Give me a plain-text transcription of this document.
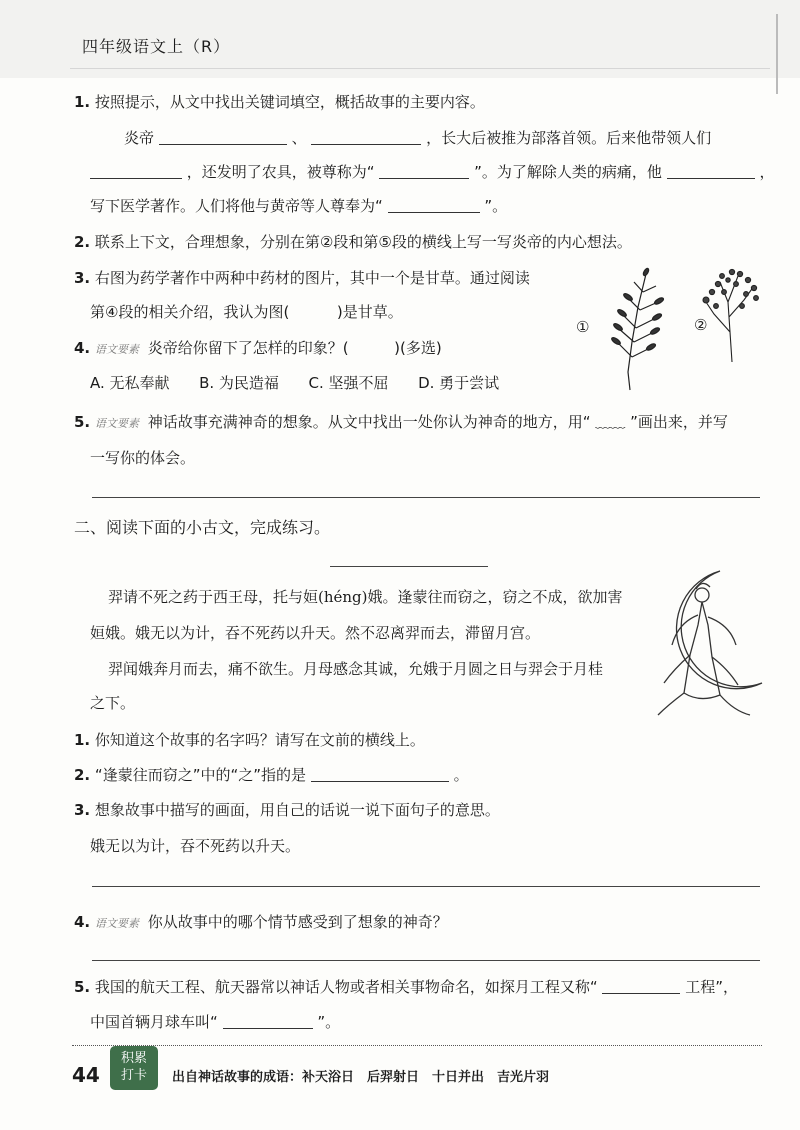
四年级语文上（R）
1. 按照提示，从文中找出关键词填空，概括故事的主要内容。
炎帝	、	，长大后被推为部落首领。后来他带领人们
，还发明了农具，被尊称为“	”。为了解除人类的病痛，他	，
写下医学著作。人们将他与黄帝等人尊奉为“	”。
2. 联系上下文，合理想象，分别在第②段和第⑤段的横线上写一写炎帝的内心想法。
3. 右图为药学著作中两种中药材的图片，其中一个是甘草。通过阅读
第④段的相关介绍，我认为图(	)是甘草。
①	②
4. 语文要素 炎帝给你留下了怎样的印象？(	)(多选)
A. 无私奉献 B. 为民造福 C. 坚强不屈 D. 勇于尝试
5. 语文要素 神话故事充满神奇的想象。从文中找出一处你认为神奇的地方，用“ ﹏﹏ ”画出来，并写
一写你的体会。
二、阅读下面的小古文，完成练习。
羿请不死之药于西王母，托与姮(héng)娥。逢蒙往而窃之，窃之不成，欲加害
姮娥。娥无以为计，吞不死药以升天。然不忍离羿而去，滞留月宫。
羿闻娥奔月而去，痛不欲生。月母感念其诚，允娥于月圆之日与羿会于月桂
之下。
1. 你知道这个故事的名字吗？请写在文前的横线上。
2. “逢蒙往而窃之”中的“之”指的是	。
3. 想象故事中描写的画面，用自己的话说一说下面句子的意思。
娥无以为计，吞不死药以升天。
4. 语文要素 你从故事中的哪个情节感受到了想象的神奇？
5. 我国的航天工程、航天器常以神话人物或者相关事物命名，如探月工程又称“	工程”，
中国首辆月球车叫“	”。
44
积累
打卡	出自神话故事的成语：补天浴日　后羿射日　十日并出　吉光片羽
